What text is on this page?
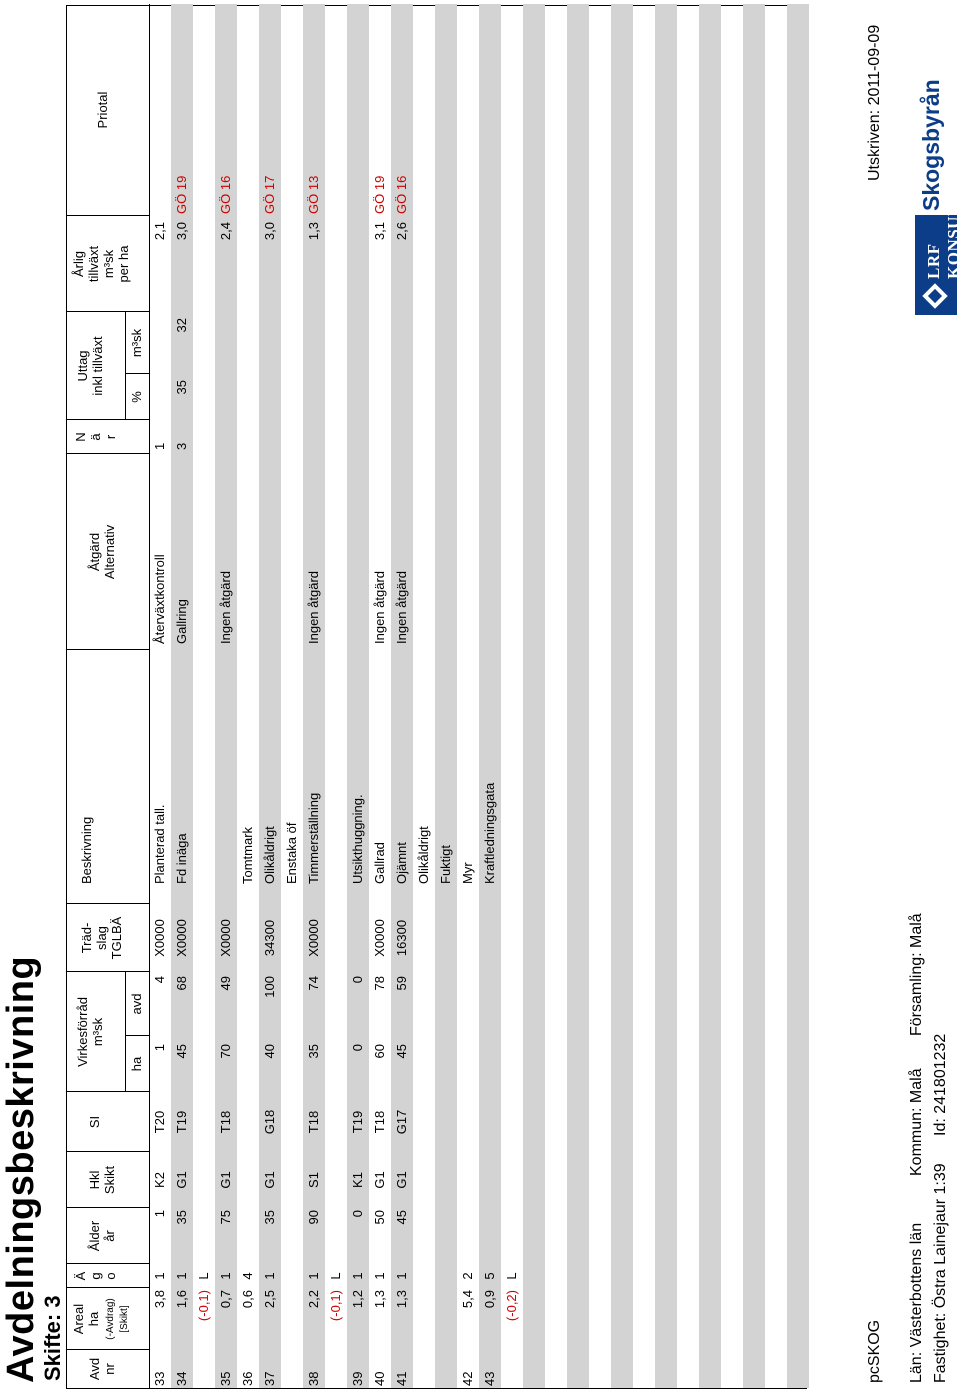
Avdelningsbeskrivning
Skifte: 3 Avd
nr
Areal
ha (-Avdrag) [Skikt]
Ä
g
o
Ålder
år
Hkl
Skikt
SI
Virkesförråd
m³sk
ha
avd
Träd-
slag
TGLBÄ
Beskrivning
Åtgärd
Alternativ
N
ä
r
Uttag
inkl tillväxt
%
m³sk
Årlig
tillväxt
m³sk
per ha
Priotal
33
3,8
1
1
K2
T20
1
4
X0000
Planterad tall.
Återväxtkontroll
1
2,1
34
1,6
1
35
G1
T19
45
68
X0000
Fd inäga
Gallring
3
35
32
3,0
GÖ 19
(-0,1)
L
35
0,7
1
75
G1
T18
70
49
X0000
Ingen åtgärd
2,4
GÖ 16
36
0,6
4
Tomtmark
37
2,5
1
35
G1
G18
40
100
34300
Olikåldrigt
3,0
GÖ 17
Enstaka öf
38
2,2
1
90
S1
T18
35
74
X0000
Timmerställning
Ingen åtgärd
1,3
GÖ 13
(-0,1)
L
39
1,2
1
0
K1
T19
0
0
Utsikthuggning.
40
1,3
1
50
G1
T18
60
78
X0000
Gallrad
Ingen åtgärd
3,1
GÖ 19
41
1,3
1
45
G1
G17
45
59
16300
Ojämnt
Ingen åtgärd
2,6
GÖ 16
Olikåldrigt Fuktigt
42
5,4
2
Myr
43
0,9
5
Kraftledningsgata
(-0,2)
L
pcSKOG
Utskriven: 2011-09-09
Län: Västerbottens län
Kommun: Malå
Församling: Malå
Fastighet: Östra Lainejaur 1:39
Id: 241801232
LRF KONSULT
Skogsbyrån
